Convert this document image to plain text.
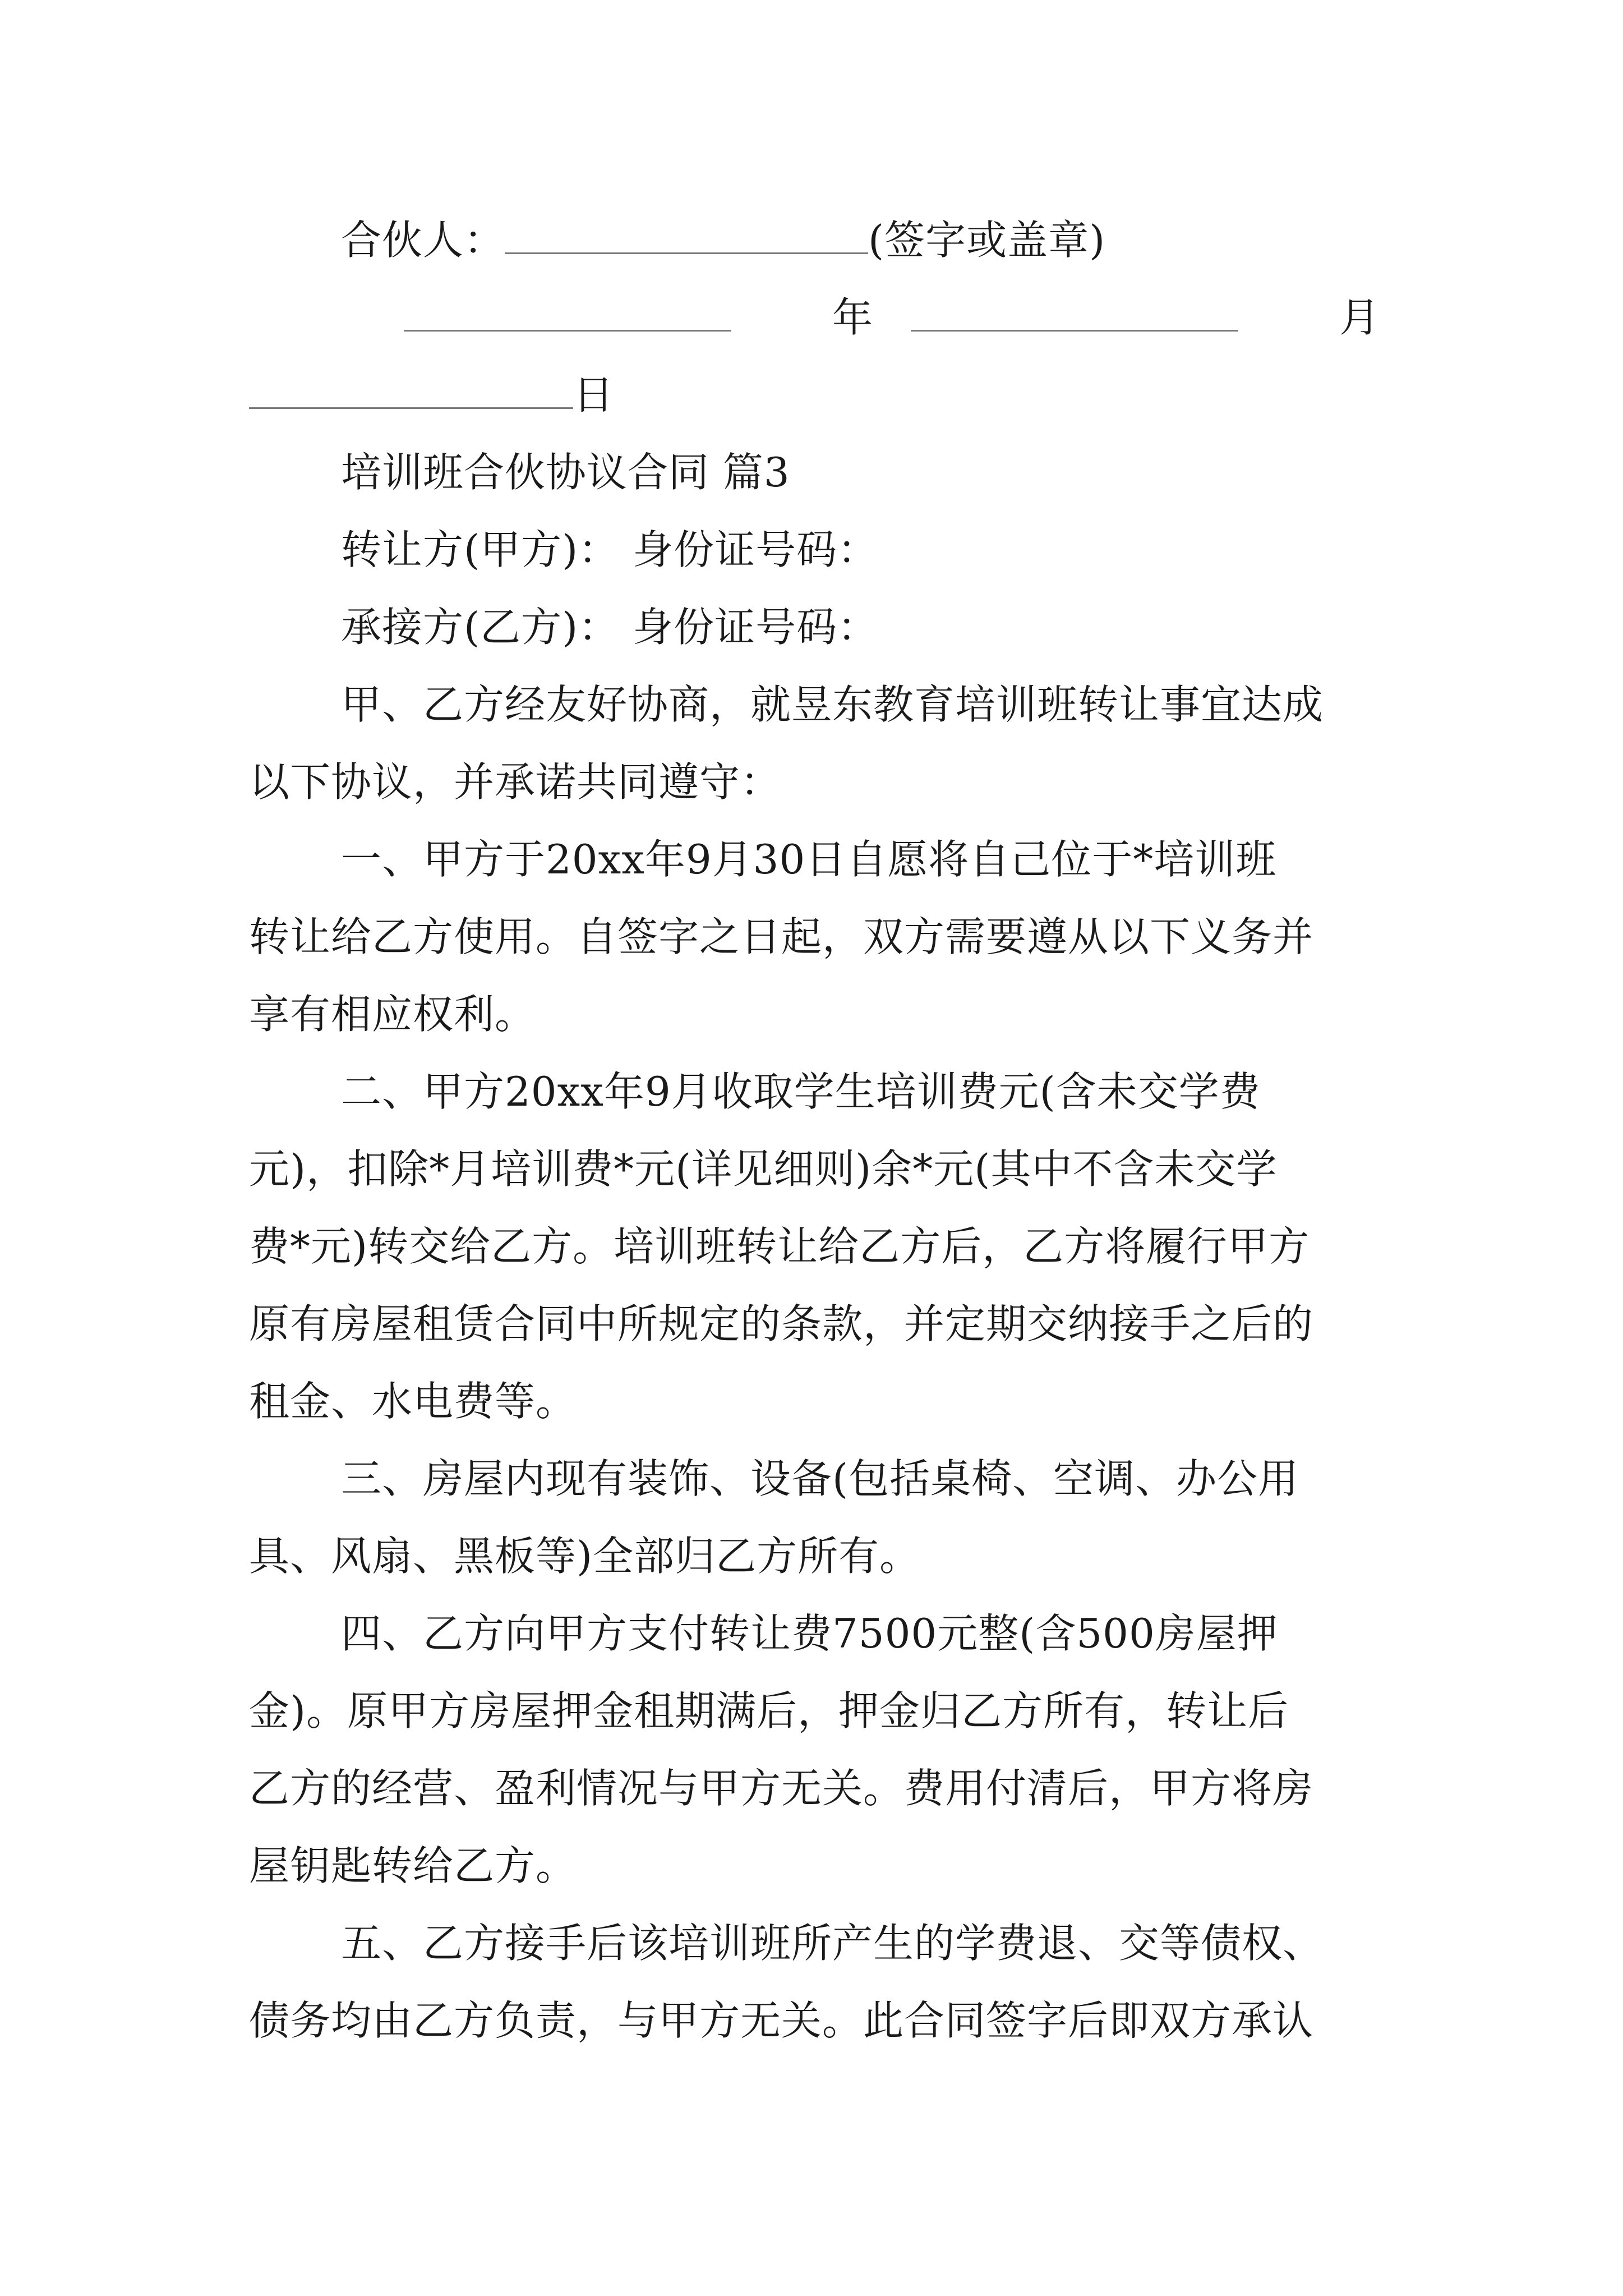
合伙人：	(签字或盖章)
年	月
日
培训班合伙协议合同 篇3
转让方(甲方)： 身份证号码：
承接方(乙方)： 身份证号码：
甲、乙方经友好协商，就昱东教育培训班转让事宜达成
以下协议，并承诺共同遵守：
一、甲方于20xx年9月30日自愿将自己位于*培训班
转让给乙方使用。自签字之日起，双方需要遵从以下义务并
享有相应权利。
二、甲方20xx年9月收取学生培训费元(含未交学费
元)，扣除*月培训费*元(详见细则)余*元(其中不含未交学
费*元)转交给乙方。培训班转让给乙方后，乙方将履行甲方
原有房屋租赁合同中所规定的条款，并定期交纳接手之后的
租金、水电费等。
三、房屋内现有装饰、设备(包括桌椅、空调、办公用
具、风扇、黑板等)全部归乙方所有。
四、乙方向甲方支付转让费7500元整(含500房屋押
金)。原甲方房屋押金租期满后，押金归乙方所有，转让后
乙方的经营、盈利情况与甲方无关。费用付清后，甲方将房
屋钥匙转给乙方。
五、乙方接手后该培训班所产生的学费退、交等债权、
债务均由乙方负责，与甲方无关。此合同签字后即双方承认
